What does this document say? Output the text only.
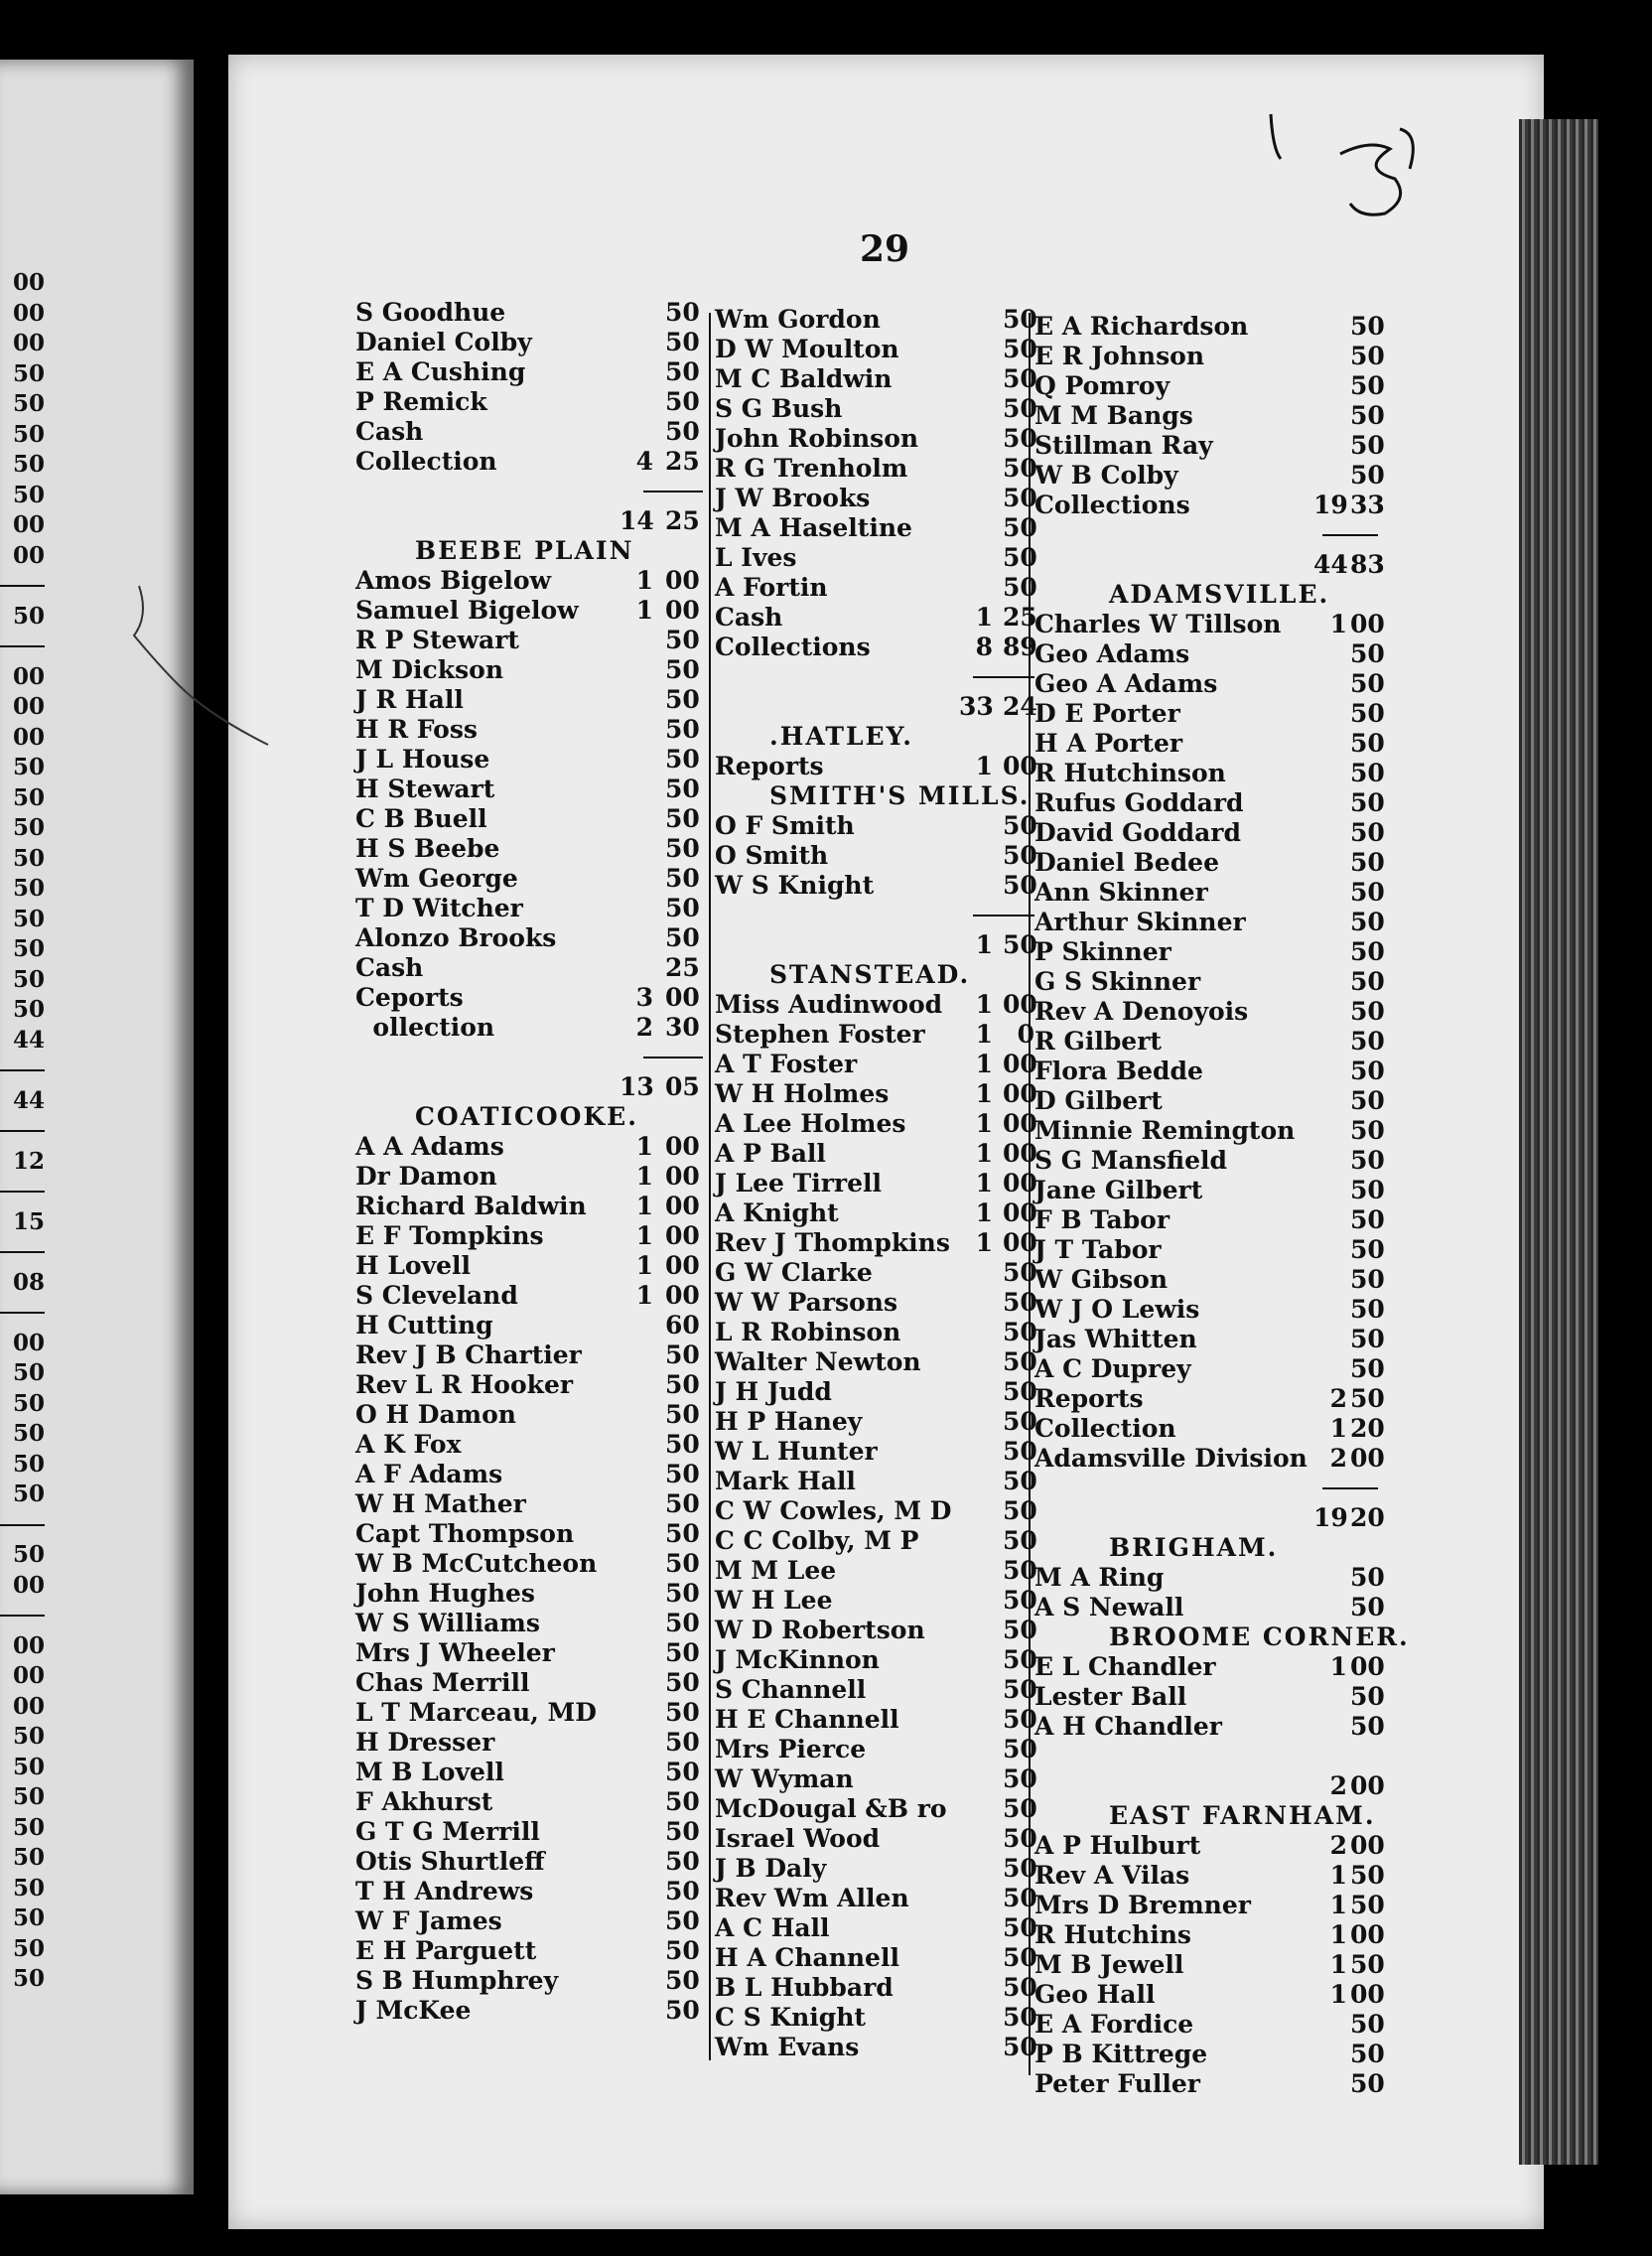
00
00
00
50
50
50
50
50
00
00
50
00
00
00
50
50
50
50
50
50
50
50
50
44
44
12
15
08
00
50
50
50
50
50
50
00
00
00
00
50
50
50
50
50
50
50
50
50
29
S Goodhue	50
Daniel Colby	50
E A Cushing	50
P Remick	50
Cash	50
Collection	4 25
14 25
BEEBE PLAIN
Amos Bigelow	1 00
Samuel Bigelow	1 00
R P Stewart	50
M Dickson	50
J R Hall	50
H R Foss	50
J L House	50
H Stewart	50
C B Buell	50
H S Beebe	50
Wm George	50
T D Witcher	50
Alonzo Brooks	50
Cash	25
Ceports	3 00
ollection	2 30
13 05
COATICOOKE.
A A Adams	1 00
Dr Damon	1 00
Richard Baldwin	1 00
E F Tompkins	1 00
H Lovell	1 00
S Cleveland	1 00
H Cutting	60
Rev J B Chartier	50
Rev L R Hooker	50
O H Damon	50
A K Fox	50
A F Adams	50
W H Mather	50
Capt Thompson	50
W B McCutcheon	50
John Hughes	50
W S Williams	50
Mrs J Wheeler	50
Chas Merrill	50
L T Marceau, MD	50
H Dresser	50
M B Lovell	50
F Akhurst	50
G T G Merrill	50
Otis Shurtleff	50
T H Andrews	50
W F James	50
E H Parguett	50
S B Humphrey	50
J McKee	50
Wm Gordon	50
D W Moulton	50
M C Baldwin	50
S G Bush	50
John Robinson	50
R G Trenholm	50
J W Brooks	50
M A Haseltine	50
L Ives	50
A Fortin	50
Cash	1 25
Collections	8 89
33 24
.HATLEY.
Reports	1 00
SMITH'S MILLS.
O F Smith	50
O Smith	50
W S Knight	50
1 50
STANSTEAD.
Miss Audinwood	1 00
Stephen Foster	1 0
A T Foster	1 00
W H Holmes	1 00
A Lee Holmes	1 00
A P Ball	1 00
J Lee Tirrell	1 00
A Knight	1 00
Rev J Thompkins	1 00
G W Clarke	50
W W Parsons	50
L R Robinson	50
Walter Newton	50
J H Judd	50
H P Haney	50
W L Hunter	50
Mark Hall	50
C W Cowles, M D 50
C C Colby, M P	50
M M Lee	50
W H Lee	50
W D Robertson	50
J McKinnon	50
S Channell	50
H E Channell	50
Mrs Pierce	50
W Wyman	50
McDougal &B ro 50
Israel Wood	50
J B Daly	50
Rev Wm Allen	50
A C Hall	50
H A Channell	50
B L Hubbard	50
C S Knight	50
Wm Evans	50
E A Richardson	50
E R Johnson	50
Q Pomroy	50
M M Bangs	50
Stillman Ray	50
W B Colby	50
Collections	19 33
44 83
ADAMSVILLE.
Charles W Tillson	1 00
Geo Adams	50
Geo A Adams	50
D E Porter	50
H A Porter	50
R Hutchinson	50
Rufus Goddard	50
David Goddard	50
Daniel Bedee	50
Ann Skinner	50
Arthur Skinner	50
P Skinner	50
G S Skinner	50
Rev A Denoyois	50
R Gilbert	50
Flora Bedde	50
D Gilbert	50
Minnie Remington 50
S G Mansfield	50
Jane Gilbert	50
F B Tabor	50
J T Tabor	50
W Gibson	50
W J O Lewis	50
Jas Whitten	50
A C Duprey	50
Reports	2 50
Collection	1 20
Adamsville Division 2 00
19 20
BRIGHAM.
M A Ring	50
A S Newall	50
BROOME CORNER.
E L Chandler	1 00
Lester Ball	50
A H Chandler	50
2 00
EAST FARNHAM.
A P Hulburt	2 00
Rev A Vilas	1 50
Mrs D Bremner	1 50
R Hutchins	1 00
M B Jewell	1 50
Geo Hall	1 00
E A Fordice	50
P B Kittrege	50
Peter Fuller	50
